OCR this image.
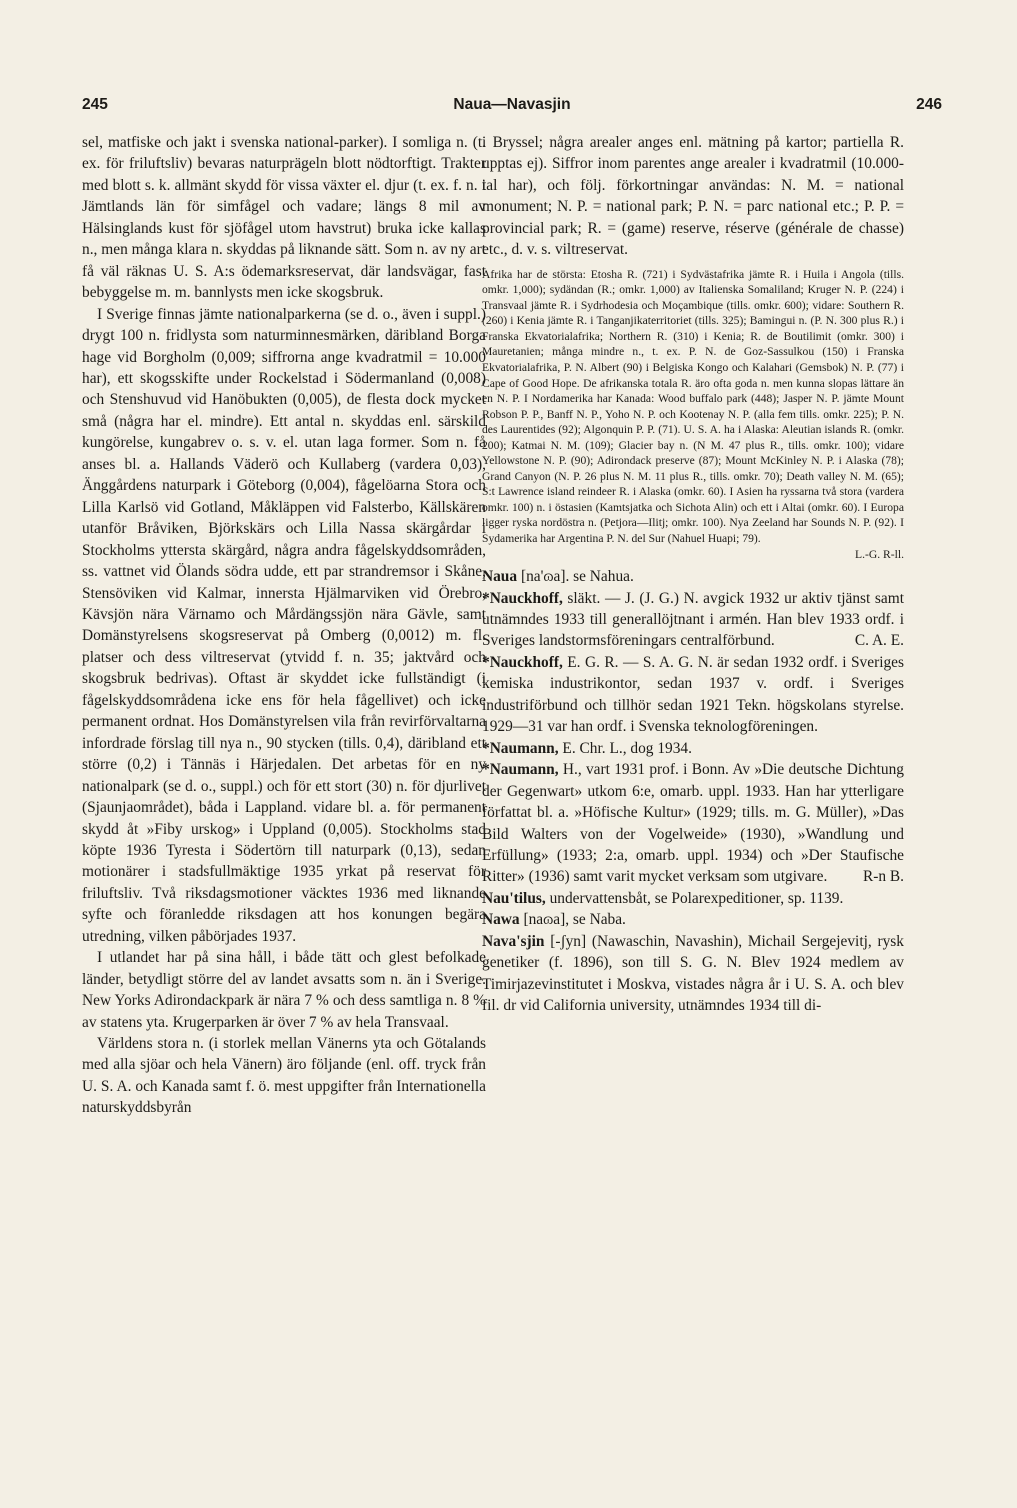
245	Naua—Navasjin	246

sel, matfiske och jakt i svenska national-parker). I somliga n. (t. ex. för friluftsliv) bevaras naturprägeln blott nödtorftigt. Trakter med blott s. k. allmänt skydd för vissa växter el. djur (t. ex. f. n. i Jämtlands län för simfågel och vadare; längs 8 mil av Hälsinglands kust för sjöfågel utom havstrut) bruka icke kallas n., men många klara n. skyddas på liknande sätt. Som n. av ny art få väl räknas U. S. A:s ödemarksreservat, där landsvägar, fast bebyggelse m. m. bannlysts men icke skogsbruk.

I Sverige finnas jämte nationalparkerna (se d. o., även i suppl.) drygt 100 n. fridlysta som naturminnesmärken, däribland Borga hage vid Borgholm (0,009; siffrorna ange kvadratmil = 10.000 har), ett skogsskifte under Rockelstad i Södermanland (0,008) och Stenshuvud vid Hanöbukten (0,005), de flesta dock mycket små (några har el. mindre). Ett antal n. skyddas enl. särskild kungörelse, kungabrev o. s. v. el. utan laga former. Som n. få anses bl. a. Hallands Väderö och Kullaberg (vardera 0,03), Änggårdens naturpark i Göteborg (0,004), fågelöarna Stora och Lilla Karlsö vid Gotland, Måkläppen vid Falsterbo, Källskären utanför Bråviken, Björkskärs och Lilla Nassa skärgårdar i Stockholms yttersta skärgård, några andra fågelskyddsområden, ss. vattnet vid Ölands södra udde, ett par strandremsor i Skåne, Stensöviken vid Kalmar, innersta Hjälmarviken vid Örebro, Kävsjön nära Värnamo och Mårdängssjön nära Gävle, samt Domänstyrelsens skogsreservat på Omberg (0,0012) m. fl. platser och dess viltreservat (ytvidd f. n. 35; jaktvård och skogsbruk bedrivas). Oftast är skyddet icke fullständigt (i fågelskyddsområdena icke ens för hela fågellivet) och icke permanent ordnat. Hos Domänstyrelsen vila från revirförvaltarna infordrade förslag till nya n., 90 stycken (tills. 0,4), däribland ett större (0,2) i Tännäs i Härjedalen. Det arbetas för en ny nationalpark (se d. o., suppl.) och för ett stort (30) n. för djurlivet (Sjaunjaområdet), båda i Lappland. vidare bl. a. för permanent skydd åt »Fiby urskog» i Uppland (0,005). Stockholms stad köpte 1936 Tyresta i Södertörn till naturpark (0,13), sedan motionärer i stadsfullmäktige 1935 yrkat på reservat för friluftsliv. Två riksdagsmotioner väcktes 1936 med liknande syfte och föranledde riksdagen att hos konungen begära utredning, vilken påbörjades 1937.

I utlandet har på sina håll, i både tätt och glest befolkade länder, betydligt större del av landet avsatts som n. än i Sverige. New Yorks Adirondackpark är nära 7 % och dess samtliga n. 8 % av statens yta. Krugerparken är över 7 % av hela Transvaal.

Världens stora n. (i storlek mellan Vänerns yta och Götalands med alla sjöar och hela Vänern) äro följande (enl. off. tryck från U. S. A. och Kanada samt f. ö. mest uppgifter från Internationella naturskyddsbyrån

i Bryssel; några arealer anges enl. mätning på kartor; partiella R. upptas ej). Siffror inom parentes ange arealer i kvadratmil (10.000-tal har), och följ. förkortningar användas: N. M. = national monument; N. P. = national park; P. N. = parc national etc.; P. P. = provincial park; R. = (game) reserve, réserve (générale de chasse) etc., d. v. s. viltreservat.

Afrika har de största: Etosha R. (721) i Sydvästafrika jämte R. i Huila i Angola (tills. omkr. 1,000); sydändan (R.; omkr. 1,000) av Italienska Somaliland; Kruger N. P. (224) i Transvaal jämte R. i Sydrhodesia och Moçambique (tills. omkr. 600); vidare: Southern R. (260) i Kenia jämte R. i Tanganjikaterritoriet (tills. 325); Bamingui n. (P. N. 300 plus R.) i Franska Ekvatorialafrika; Northern R. (310) i Kenia; R. de Boutilimit (omkr. 300) i Mauretanien; många mindre n., t. ex. P. N. de Goz-Sassulkou (150) i Franska Ekvatorialafrika, P. N. Albert (90) i Belgiska Kongo och Kalahari (Gemsbok) N. P. (77) i Cape of Good Hope. De afrikanska totala R. äro ofta goda n. men kunna slopas lättare än en N. P. I Nordamerika har Kanada: Wood buffalo park (448); Jasper N. P. jämte Mount Robson P. P., Banff N. P., Yoho N. P. och Kootenay N. P. (alla fem tills. omkr. 225); P. N. des Laurentides (92); Algonquin P. P. (71). U. S. A. ha i Alaska: Aleutian islands R. (omkr. 200); Katmai N. M. (109); Glacier bay n. (N M. 47 plus R., tills. omkr. 100); vidare Yellowstone N. P. (90); Adirondack preserve (87); Mount McKinley N. P. i Alaska (78); Grand Canyon (N. P. 26 plus N. M. 11 plus R., tills. omkr. 70); Death valley N. M. (65); S:t Lawrence island reindeer R. i Alaska (omkr. 60). I Asien ha ryssarna två stora (vardera omkr. 100) n. i östasien (Kamtsjatka och Sichota Alin) och ett i Altai (omkr. 60). I Europa ligger ryska nordöstra n. (Petjora—Ilitj; omkr. 100). Nya Zeeland har Sounds N. P. (92). I Sydamerika har Argentina P. N. del Sur (Nahuel Huapi; 79).
L.-G. R-ll.

Naua [na'ɷa]. se Nahua.

*Nauckhoff, släkt. — J. (J. G.) N. avgick 1932 ur aktiv tjänst samt utnämndes 1933 till generallöjtnant i armén. Han blev 1933 ordf. i Sveriges landstormsföreningars centralförbund.	C. A. E.

*Nauckhoff, E. G. R. — S. A. G. N. är sedan 1932 ordf. i Sveriges kemiska industrikontor, sedan 1937 v. ordf. i Sveriges industriförbund och tillhör sedan 1921 Tekn. högskolans styrelse. 1929—31 var han ordf. i Svenska teknologföreningen.

*Naumann, E. Chr. L., dog 1934.

*Naumann, H., vart 1931 prof. i Bonn. Av »Die deutsche Dichtung der Gegenwart» utkom 6:e, omarb. uppl. 1933. Han har ytterligare författat bl. a. »Höfische Kultur» (1929; tills. m. G. Müller), »Das Bild Walters von der Vogelweide» (1930), »Wandlung und Erfüllung» (1933; 2:a, omarb. uppl. 1934) och »Der Staufische Ritter» (1936) samt varit mycket verksam som utgivare. R-n B.

Nau'tilus, undervattensbåt, se Polarexpeditioner, sp. 1139.

Nawa [naɷa], se Naba.

Nava'sjin [-ʃyn] (Nawaschin, Navashin), Michail Sergejevitj, rysk genetiker (f. 1896), son till S. G. N. Blev 1924 medlem av Timirjazevinstitutet i Moskva, vistades några år i U. S. A. och blev fil. dr vid California university, utnämndes 1934 till di-
